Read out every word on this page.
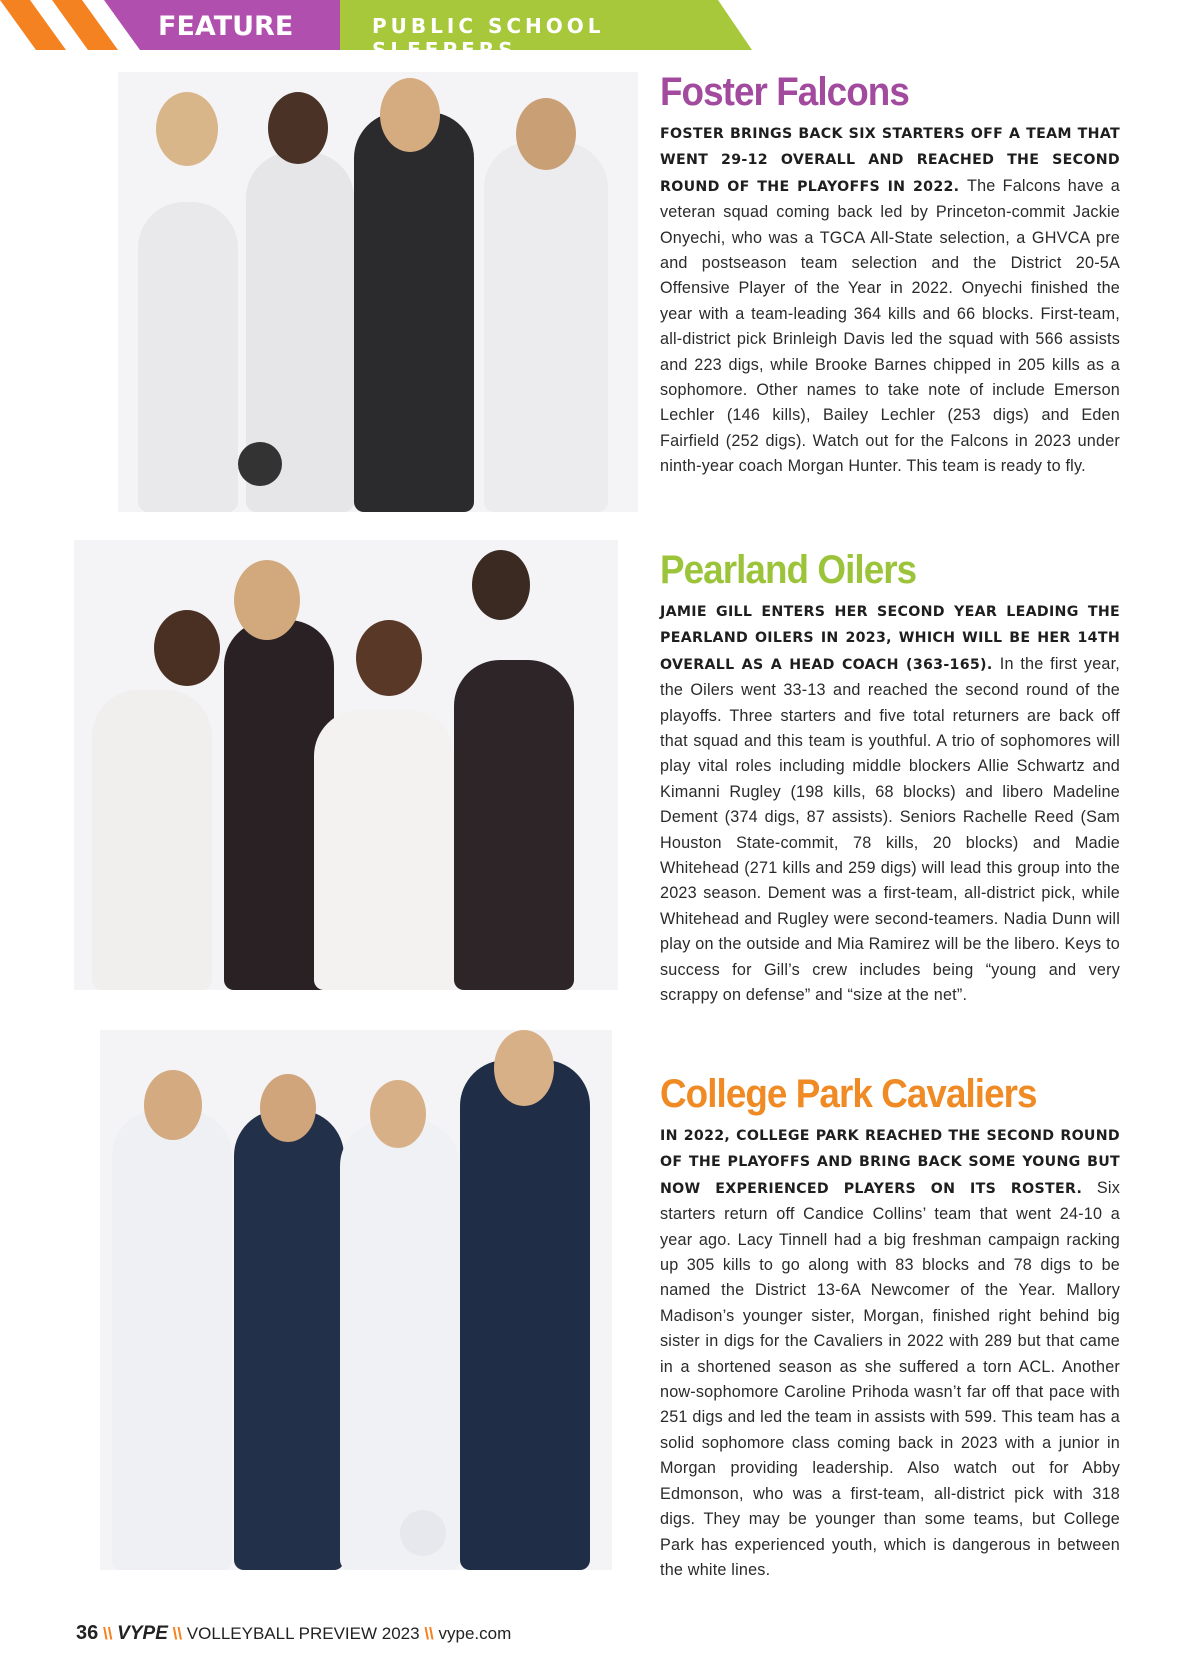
FEATURE	PUBLIC SCHOOL SLEEPERS
Foster Falcons

FOSTER BRINGS BACK SIX STARTERS OFF A TEAM THAT WENT 29-12 OVERALL AND REACHED THE SECOND ROUND OF THE PLAYOFFS IN 2022. The Falcons have a veteran squad coming back led by Princeton-commit Jackie Onyechi, who was a TGCA All-State selection, a GHVCA pre and postseason team selection and the District 20-5A Offensive Player of the Year in 2022. Onyechi finished the year with a team-leading 364 kills and 66 blocks. First-team, all-district pick Brinleigh Davis led the squad with 566 assists and 223 digs, while Brooke Barnes chipped in 205 kills as a sophomore. Other names to take note of include Emerson Lechler (146 kills), Bailey Lechler (253 digs) and Eden Fairfield (252 digs). Watch out for the Falcons in 2023 under ninth-year coach Morgan Hunter. This team is ready to fly.

Pearland Oilers

JAMIE GILL ENTERS HER SECOND YEAR LEADING THE PEARLAND OILERS IN 2023, WHICH WILL BE HER 14TH OVERALL AS A HEAD COACH (363-165). In the first year, the Oilers went 33-13 and reached the second round of the playoffs. Three starters and five total returners are back off that squad and this team is youthful. A trio of sophomores will play vital roles including middle blockers Allie Schwartz and Kimanni Rugley (198 kills, 68 blocks) and libero Madeline Dement (374 digs, 87 assists). Seniors Rachelle Reed (Sam Houston State-commit, 78 kills, 20 blocks) and Madie Whitehead (271 kills and 259 digs) will lead this group into the 2023 season. Dement was a first-team, all-district pick, while Whitehead and Rugley were second-teamers. Nadia Dunn will play on the outside and Mia Ramirez will be the libero. Keys to success for Gill’s crew includes being “young and very scrappy on defense” and “size at the net”.

College Park Cavaliers

IN 2022, COLLEGE PARK REACHED THE SECOND ROUND OF THE PLAYOFFS AND BRING BACK SOME YOUNG BUT NOW EXPERIENCED PLAYERS ON ITS ROSTER. Six starters return off Candice Collins’ team that went 24-10 a year ago. Lacy Tinnell had a big freshman campaign racking up 305 kills to go along with 83 blocks and 78 digs to be named the District 13-6A Newcomer of the Year. Mallory Madison’s younger sister, Morgan, finished right behind big sister in digs for the Cavaliers in 2022 with 289 but that came in a shortened season as she suffered a torn ACL. Another now-sophomore Caroline Prihoda wasn’t far off that pace with 251 digs and led the team in assists with 599. This team has a solid sophomore class coming back in 2023 with a junior in Morgan providing leadership. Also watch out for Abby Edmonson, who was a first-team, all-district pick with 318 digs. They may be younger than some teams, but College Park has experienced youth, which is dangerous in between the white lines.

36 \\ VYPE \\ VOLLEYBALL PREVIEW 2023 \\ vype.com
